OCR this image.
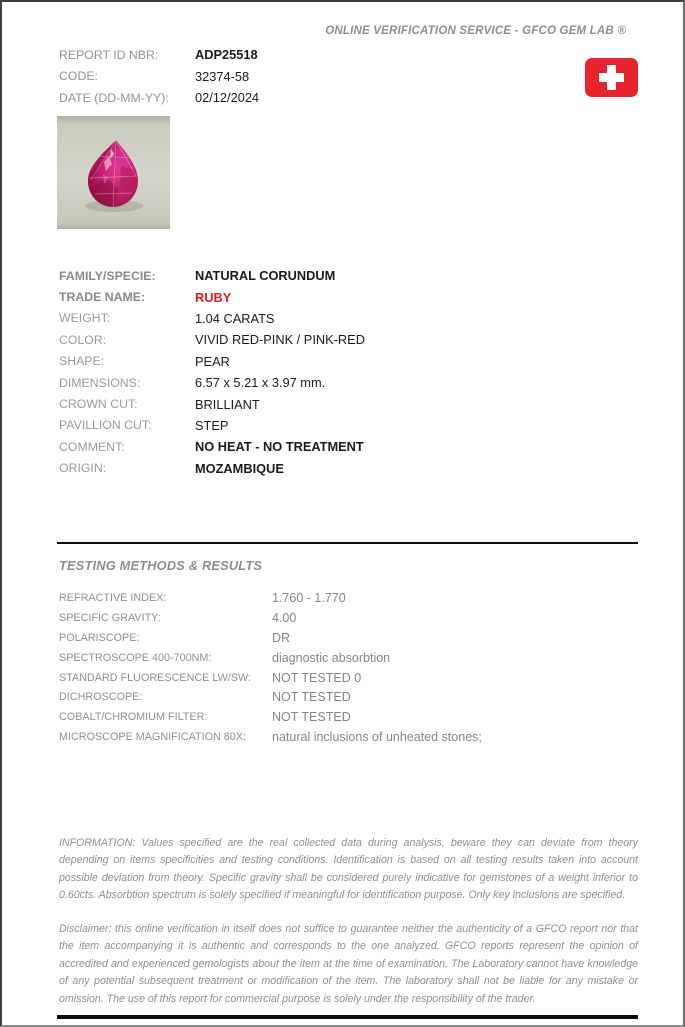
ONLINE VERIFICATION SERVICE - GFCO GEM LAB ®
REPORT ID NBR:	ADP25518
CODE:	32374-58
DATE (DD-MM-YY):	02/12/2024
FAMILY/SPECIE:	NATURAL CORUNDUM
TRADE NAME:	RUBY
WEIGHT:	1.04 CARATS
COLOR:	VIVID RED-PINK / PINK-RED
SHAPE:	PEAR
DIMENSIONS:	6.57 x 5.21 x 3.97 mm.
CROWN CUT:	BRILLIANT
PAVILLION CUT:	STEP
COMMENT:	NO HEAT - NO TREATMENT
ORIGIN:	MOZAMBIQUE
TESTING METHODS & RESULTS
REFRACTIVE INDEX:	1.760 - 1.770
SPECIFIC GRAVITY:	4.00
POLARISCOPE:	DR
SPECTROSCOPE 400-700NM:	diagnostic absorbtion
STANDARD FLUORESCENCE LW/SW:	NOT TESTED 0
DICHROSCOPE:	NOT TESTED
COBALT/CHROMIUM FILTER:	NOT TESTED
MICROSCOPE MAGNIFICATION 80X:	natural inclusions of unheated stones;
INFORMATION: Values specified are the real collected data during analysis, beware they can deviate from theory depending on items specificities and testing conditions. Identification is based on all testing results taken into account possible deviation from theory. Specific gravity shall be considered purely indicative for gemstones of a weight inferior to 0.60cts. Absorbtion spectrum is solely specified if meaningful for identification purpose. Only key inclusions are specified.
Disclaimer: this online verification in itself does not suffice to guarantee neither the authenticity of a GFCO report nor that the item accompanying it is authentic and corresponds to the one analyzed. GFCO reports represent the opinion of accredited and experienced gemologists about the item at the time of examination. The Laboratory cannot have knowledge of any potential subsequent treatment or modification of the item. The laboratory shall not be liable for any mistake or omission. The use of this report for commercial purpose is solely under the responsibility of the trader.
